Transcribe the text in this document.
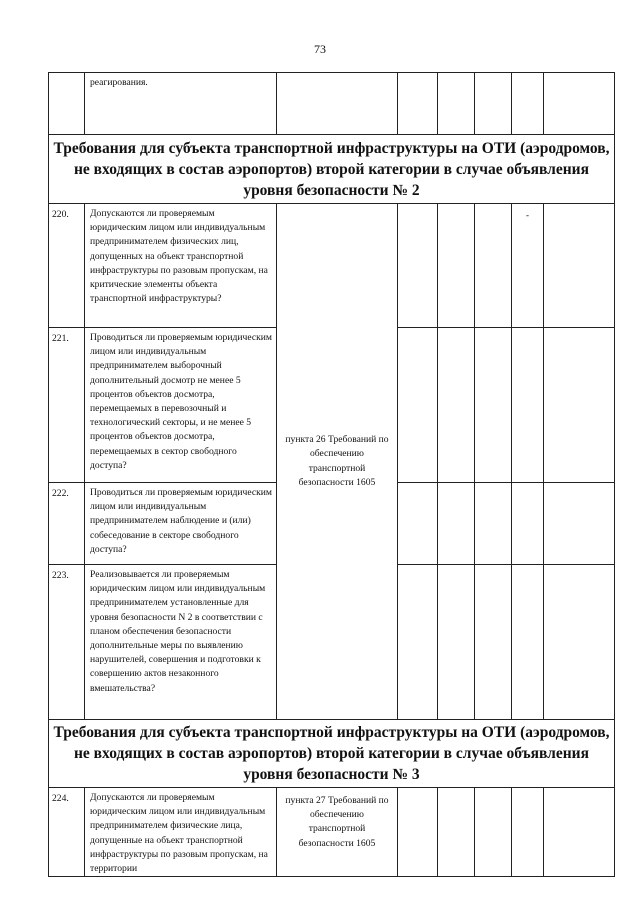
73
	реагирования.						
Требования для субъекта транспортной инфраструктуры на ОТИ (аэродромов, не входящих в состав аэропортов) второй категории в случае объявления уровня безопасности № 2							
220.	Допускаются ли проверяемым юридическим лицом или индивидуальным предпринимателем физических лиц, допущенных на объект транспортной инфраструктуры по разовым пропускам, на критические элементы объекта транспортной инфраструктуры?	пункта 26 Требований по обеспечению транспортной безопасности 1605				-	

221.	Проводиться ли проверяемым юридическим лицом или индивидуальным предпринимателем выборочный дополнительный досмотр не менее 5 процентов объектов досмотра, перемещаемых в перевозочный и технологический секторы, и не менее 5 процентов объектов досмотра, перемещаемых в сектор свободного доступа?						
222.	Проводиться ли проверяемым юридическим лицом или индивидуальным предпринимателем наблюдение и (или) собеседование в секторе свободного доступа?						
223.	Реализовывается ли проверяемым юридическим лицом или индивидуальным предпринимателем установленные для уровня безопасности N 2 в соответствии с планом обеспечения безопасности дополнительные меры по выявлению нарушителей, совершения и подготовки к совершению актов незаконного вмешательства?						
Требования для субъекта транспортной инфраструктуры на ОТИ (аэродромов, не входящих в состав аэропортов) второй категории в случае объявления уровня безопасности № 3							
224.	Допускаются ли проверяемым юридическим лицом или индивидуальным предпринимателем физические лица, допущенные на объект транспортной инфраструктуры по разовым пропускам, на территории	пункта 27 Требований по обеспечению транспортной безопасности 1605					
